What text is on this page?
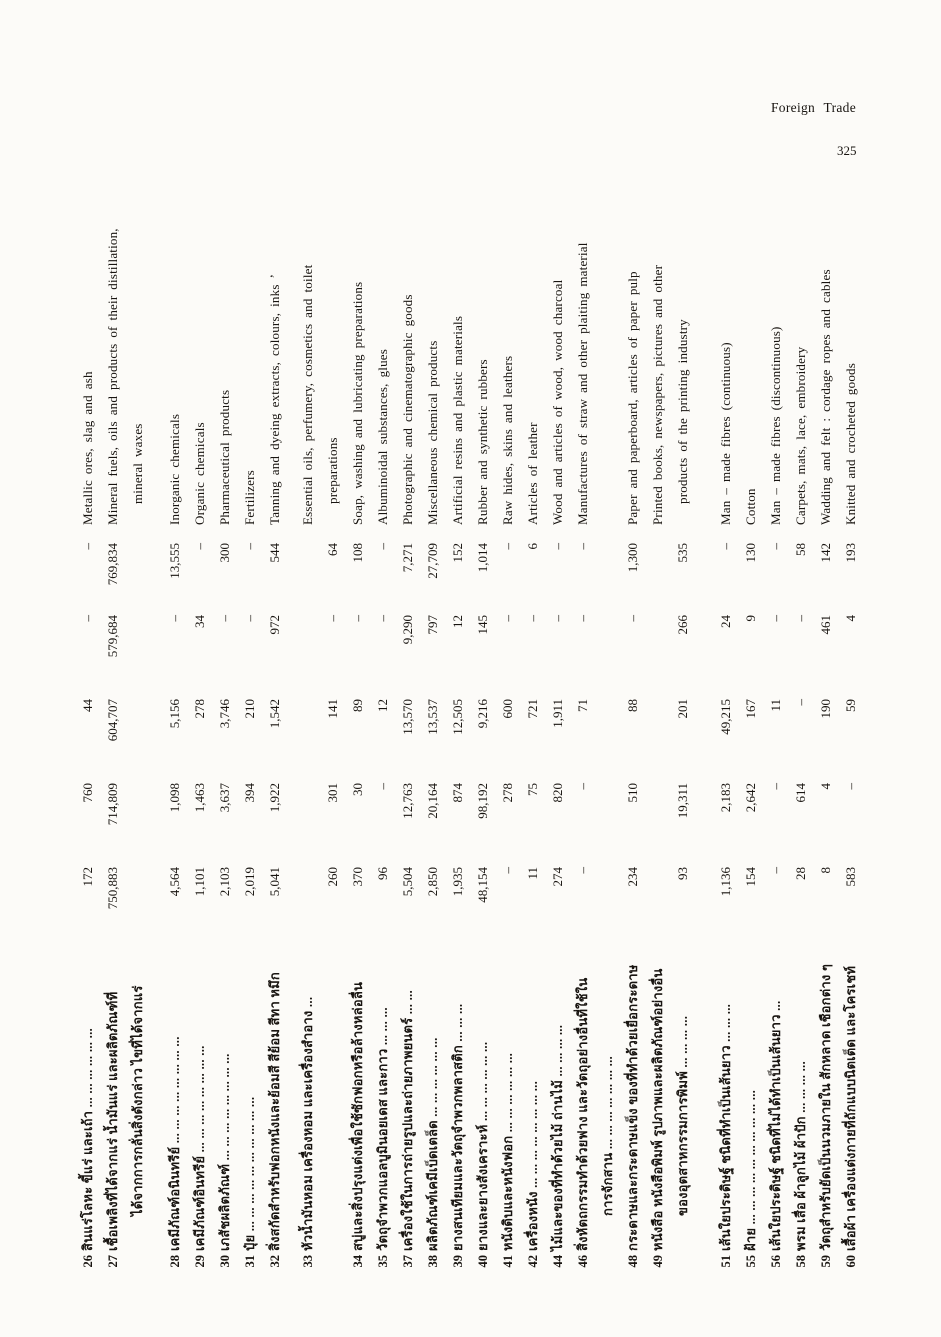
Foreign Trade
325
26
สินแร่โลหะ ขี้แร่ และเถ้า ... ... ... ... ... ...
172
760
44
–
–
Metallic ores, slag and ash
27
เชื้อเพลิงที่ได้จากแร่ น้ำมันแร่ และผลิตภัณฑ์ที่
750,883
714,809
604,707
579,684
769,834
Mineral fuels, oils and products of their distillation,
ได้จากการกลั่นสิ่งดังกล่าว ไขที่ได้จากแร่
mineral waxes
28
เคมีภัณฑ์อนินทรีย์ ... ... ... ... ... ... ... ...
4,564
1,098
5,156
–
13,555
Inorganic chemicals
29
เคมีภัณฑ์อินทรีย์ ... ... ... ... ... ... ... ...
1,101
1,463
278
34
–
Organic chemicals
30
เภสัชผลิตภัณฑ์ ... ... ... ... ... ... ... ...
2,103
3,637
3,746
–
300
Pharmaceutical products
31
ปุ๋ย ... ... ... ... ... ... ... ... ... ...
2,019
394
210
–
–
Fertilizers
32
สิ่งสกัดสำหรับฟอกหนังและย้อมสี สีย้อม สีทา หมึก
5,041
1,922
1,542
972
544
Tanning and dyeing extracts, colours, inks ’
33
หัวน้ำมันหอม เครื่องหอม และเครื่องสำอาง ...
Essential oils, perfumery, cosmetics and toilet
260
301
141
–
64
preparations
34
สบู่และสิ่งปรุงแต่งเพื่อใช้ซักฟอกหรือล้างหล่อลื่น
370
30
89
–
108
Soap, washing and lubricating preparations
35
วัตถุจำพวกแอลบูมินอยเดส และกาว ... ... ...
96
–
12
–
–
Albuminoidal substances, glues
37
เครื่องใช้ในการถ่ายรูปและถ่ายภาพยนตร์ ... ...
5,504
12,763
13,570
9,290
7,271
Photographic and cinematographic goods
38
ผลิตภัณฑ์เคมีเบ็ดเตล็ด ... ... ... ... ... ...
2,850
20,164
13,537
797
27,709
Miscellaneous chemical products
39
ยางสนเทียมและวัตถุจำพวกพลาสติก ... ... ...
1,935
874
12,505
12
152
Artificial resins and plastic materials
40
ยางและยางสังเคราะห์ ... ... ... ... ... ...
48,154
98,192
9,216
145
1,014
Rubber and synthetic rubbers
41
หนังดิบและหนังฟอก ... ... ... ... ... ...
–
278
600
–
–
Raw hides, skins and leathers
42
เครื่องหนัง ... ... ... ... ... ... ... ...
11
75
721
–
6
Articles of leather
44
ไม้และของที่ทำด้วยไม้ ถ่านไม้ ... ... ... ...
274
820
1,911
–
–
Wood and articles of wood, wood charcoal
46
สิ่งหัตถกรรมทำด้วยฟาง และวัตถุอย่างอื่นที่ใช้ใน
–
–
71
–
–
Manufactures of straw and other plaiting material
การจักสาน ... ... ... ... ... ... ...
48
กระดาษและกระดาษแข็ง ของที่ทำด้วยเยื่อกระดาษ
234
510
88
–
1,300
Paper and paperboard, articles of paper pulp
49
หนังสือ หนังสือพิมพ์ รูปภาพและผลิตภัณฑ์อย่างอื่น
Printed books, newspapers, pictures and other
ของอุตสาหกรรมการพิมพ์ ... ... ... ...
93
19,311
201
266
535
products of the printing industry
51
เส้นใยประดิษฐ์ ชนิดที่ทำเป็นเส้นยาว ... ... ...
1,136
2,183
49,215
24
–
Man – made fibres (continuous)
55
ฝ้าย ... ... ... ... ... ... ... ... ... ...
154
2,642
167
9
130
Cotton
56
เส้นใยประดิษฐ์ ชนิดที่ไม่ได้ทำเป็นเส้นยาว ...
–
–
11
–
–
Man – made fibres (discontinuous)
58
พรม เสื่อ ผ้าลูกไม้ ผ้าปัก ... ... ... ...
28
614
–
–
58
Carpets, mats, lace, embroidery
59
วัตถุสำหรับยัดเป็นนวมภายใน สักหลาด เชือกต่าง ๆ
8
4
190
461
142
Wadding and felt : cordage ropes and cables
60
เสื้อผ้า เครื่องแต่งกายที่ถักแบบนิตเต็ด และโครเชท์
583
–
59
4
193
Knitted and crocheted goods
